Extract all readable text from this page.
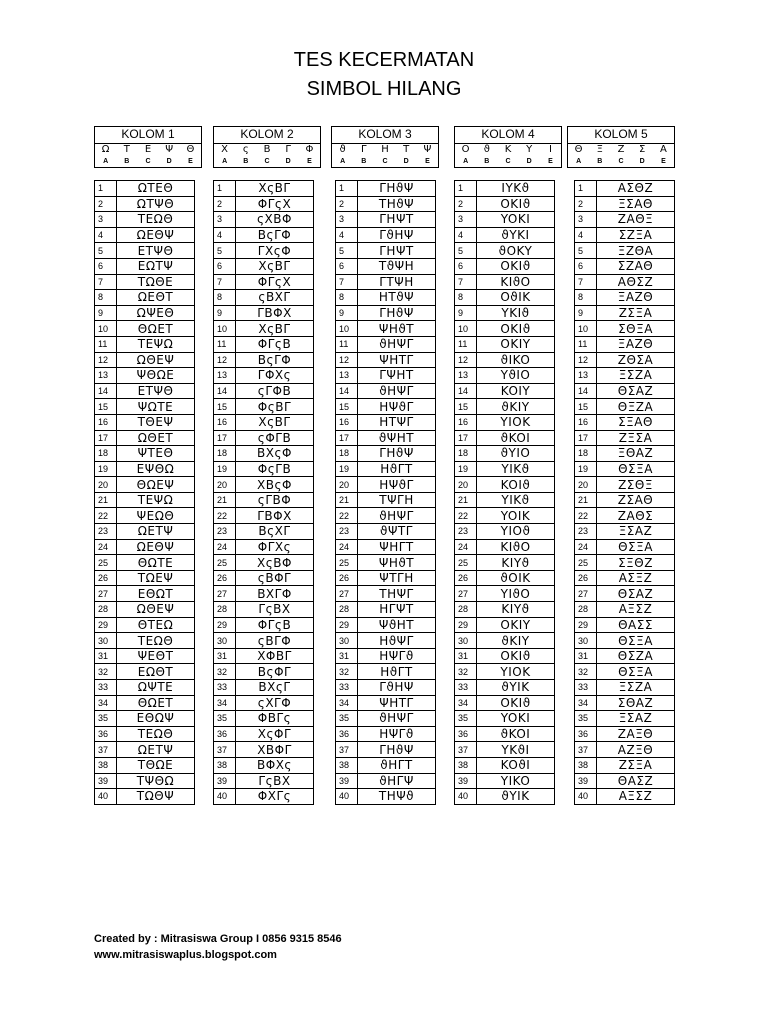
TES KECERMATAN
SIMBOL HILANG
KOLOM 1
Ω	T	E	Ψ	Θ
A	B	C	D	E
KOLOM 2
X	ς	B	Γ	Φ
A	B	C	D	E
KOLOM 3
ϑ	Γ	H	T	Ψ
A	B	C	D	E
KOLOM 4
O	ϑ	K	Y	I
A	B	C	D	E
KOLOM 5
Θ	Ξ	Z	Σ	A
A	B	C	D	E
1	ΩTEΘ
2	ΩTΨΘ
3	TEΩΘ
4	ΩEΘΨ
5	ETΨΘ
6	EΩTΨ
7	TΩΘE
8	ΩEΘT
9	ΩΨEΘ
10	ΘΩET
11	TEΨΩ
12	ΩΘEΨ
13	ΨΘΩE
14	ETΨΘ
15	ΨΩTE
16	TΘEΨ
17	ΩΘET
18	ΨTEΘ
19	EΨΘΩ
20	ΘΩEΨ
21	TEΨΩ
22	ΨEΩΘ
23	ΩETΨ
24	ΩEΘΨ
25	ΘΩTE
26	TΩEΨ
27	EΘΩT
28	ΩΘEΨ
29	ΘTEΩ
30	TEΩΘ
31	ΨEΘT
32	EΩΘT
33	ΩΨTE
34	ΘΩET
35	EΘΩΨ
36	TEΩΘ
37	ΩETΨ
38	TΘΩE
39	TΨΘΩ
40	TΩΘΨ
1	XςBΓ
2	ΦΓςX
3	ςXBΦ
4	BςΓΦ
5	ΓXςΦ
6	XςBΓ
7	ΦΓςX
8	ςBXΓ
9	ΓBΦX
10	XςBΓ
11	ΦΓςB
12	BςΓΦ
13	ΓΦXς
14	ςΓΦB
15	ΦςBΓ
16	XςBΓ
17	ςΦΓB
18	BXςΦ
19	ΦςΓB
20	XBςΦ
21	ςΓBΦ
22	ΓBΦX
23	BςXΓ
24	ΦΓXς
25	XςBΦ
26	ςBΦΓ
27	BXΓΦ
28	ΓςBX
29	ΦΓςB
30	ςBΓΦ
31	XΦBΓ
32	BςΦΓ
33	BXςΓ
34	ςXΓΦ
35	ΦBΓς
36	XςΦΓ
37	XBΦΓ
38	BΦXς
39	ΓςBX
40	ΦXΓς
1	ΓHϑΨ
2	THϑΨ
3	ΓHΨT
4	ΓϑHΨ
5	ΓHΨT
6	TϑΨH
7	ΓTΨH
8	HTϑΨ
9	ΓHϑΨ
10	ΨHϑT
11	ϑHΨΓ
12	ΨHTΓ
13	ΓΨHT
14	ϑHΨΓ
15	HΨϑΓ
16	HTΨΓ
17	ϑΨHT
18	ΓHϑΨ
19	HϑΓT
20	HΨϑΓ
21	TΨΓH
22	ϑHΨΓ
23	ϑΨTΓ
24	ΨHΓT
25	ΨHϑT
26	ΨTΓH
27	THΨΓ
28	HΓΨT
29	ΨϑHT
30	HϑΨΓ
31	HΨΓϑ
32	HϑΓT
33	ΓϑHΨ
34	ΨHTΓ
35	ϑHΨΓ
36	HΨΓϑ
37	ΓHϑΨ
38	ϑHΓT
39	ϑHΓΨ
40	THΨϑ
1	IYKϑ
2	OKIϑ
3	YOKI
4	ϑYKI
5	ϑOKY
6	OKIϑ
7	KIϑO
8	OϑIK
9	YKIϑ
10	OKIϑ
11	OKIY
12	ϑIKO
13	YϑIO
14	KOIY
15	ϑKIY
16	YIOK
17	ϑKOI
18	ϑYIO
19	YIKϑ
20	KOIϑ
21	YIKϑ
22	YOIK
23	YIOϑ
24	KIϑO
25	KIYϑ
26	ϑOIK
27	YIϑO
28	KIYϑ
29	OKIY
30	ϑKIY
31	OKIϑ
32	YIOK
33	ϑYIK
34	OKIϑ
35	YOKI
36	ϑKOI
37	YKϑI
38	KOϑI
39	YIKO
40	ϑYIK
1	AΣΘZ
2	ΞΣAΘ
3	ZAΘΞ
4	ΣZΞA
5	ΞZΘA
6	ΣZAΘ
7	AΘΣZ
8	ΞAZΘ
9	ZΣΞA
10	ΣΘΞA
11	ΞAZΘ
12	ZΘΣA
13	ΞΣZA
14	ΘΣAZ
15	ΘΞZA
16	ΣΞAΘ
17	ZΞΣA
18	ΞΘAZ
19	ΘΣΞA
20	ZΣΘΞ
21	ZΣAΘ
22	ZAΘΣ
23	ΞΣAZ
24	ΘΣΞA
25	ΣΞΘZ
26	AΣΞZ
27	ΘΣAZ
28	AΞΣZ
29	ΘAΣΣ
30	ΘΣΞA
31	ΘΣZA
32	ΘΣΞA
33	ΞΣZA
34	ΣΘAZ
35	ΞΣAZ
36	ZAΞΘ
37	AZΞΘ
38	ZΣΞA
39	ΘAΣZ
40	AΞΣZ
Created by : Mitrasiswa Group I 0856 9315 8546
www.mitrasiswaplus.blogspot.com
